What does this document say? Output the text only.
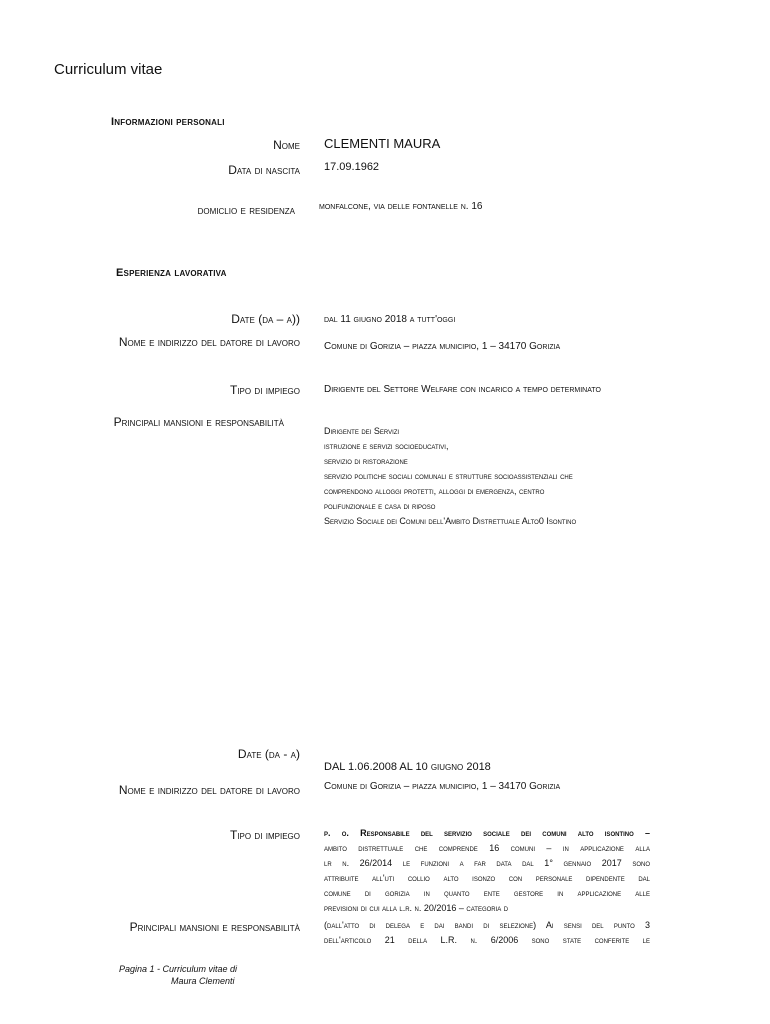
Curriculum vitae
Informazioni personali
Nome CLEMENTI MAURA
Data di nascita 17.09.1962
domiclio e residenza monfalcone, via delle fontanelle n. 16
Esperienza lavorativa
Date (da – a)) dal 11 giugno 2018 a tutt'oggi
Nome e indirizzo del datore di lavoro Comune di Gorizia – piazza municipio, 1 – 34170 Gorizia
Tipo di impiego Dirigente del Settore Welfare con incarico a tempo determinato
Principali mansioni e responsabilità
Dirigente dei Servizi
istruzione e servizi socioeducativi,
servizio di ristorazione
servizio politiche sociali comunali e strutture socioassistenziali che
comprendono alloggi protetti, alloggi di emergenza, centro
polifunzionale e casa di riposo
Servizio Sociale dei Comuni dell'Ambito Distrettuale Alto0 Isontino
Date (da - a)
DAL 1.06.2008 AL 10 giugno 2018
Nome e indirizzo del datore di lavoro Comune di Gorizia – piazza municipio, 1 – 34170 Gorizia
Tipo di impiego	p. o. Responsabile del servizio sociale dei comuni alto isontino –

ambito distrettuale che comprende 16 comuni – in applicazione alla

lr n. 26/2014 le funzioni a far data dal 1° gennaio 2017 sono

attribuite all'uti collio alto isonzo con personale dipendente dal

comune di gorizia in quanto ente gestore in applicazione alle

previsioni di cui alla l.r. n. 20/2016 – categoria d

Principali mansioni e responsabilità	(dall'atto di delega e dai bandi di selezione) Ai sensi del punto 3

dell'articolo 21 della L.R. n. 6/2006 sono state conferite le

Pagina 1 - Curriculum vitae di
Maura Clementi
